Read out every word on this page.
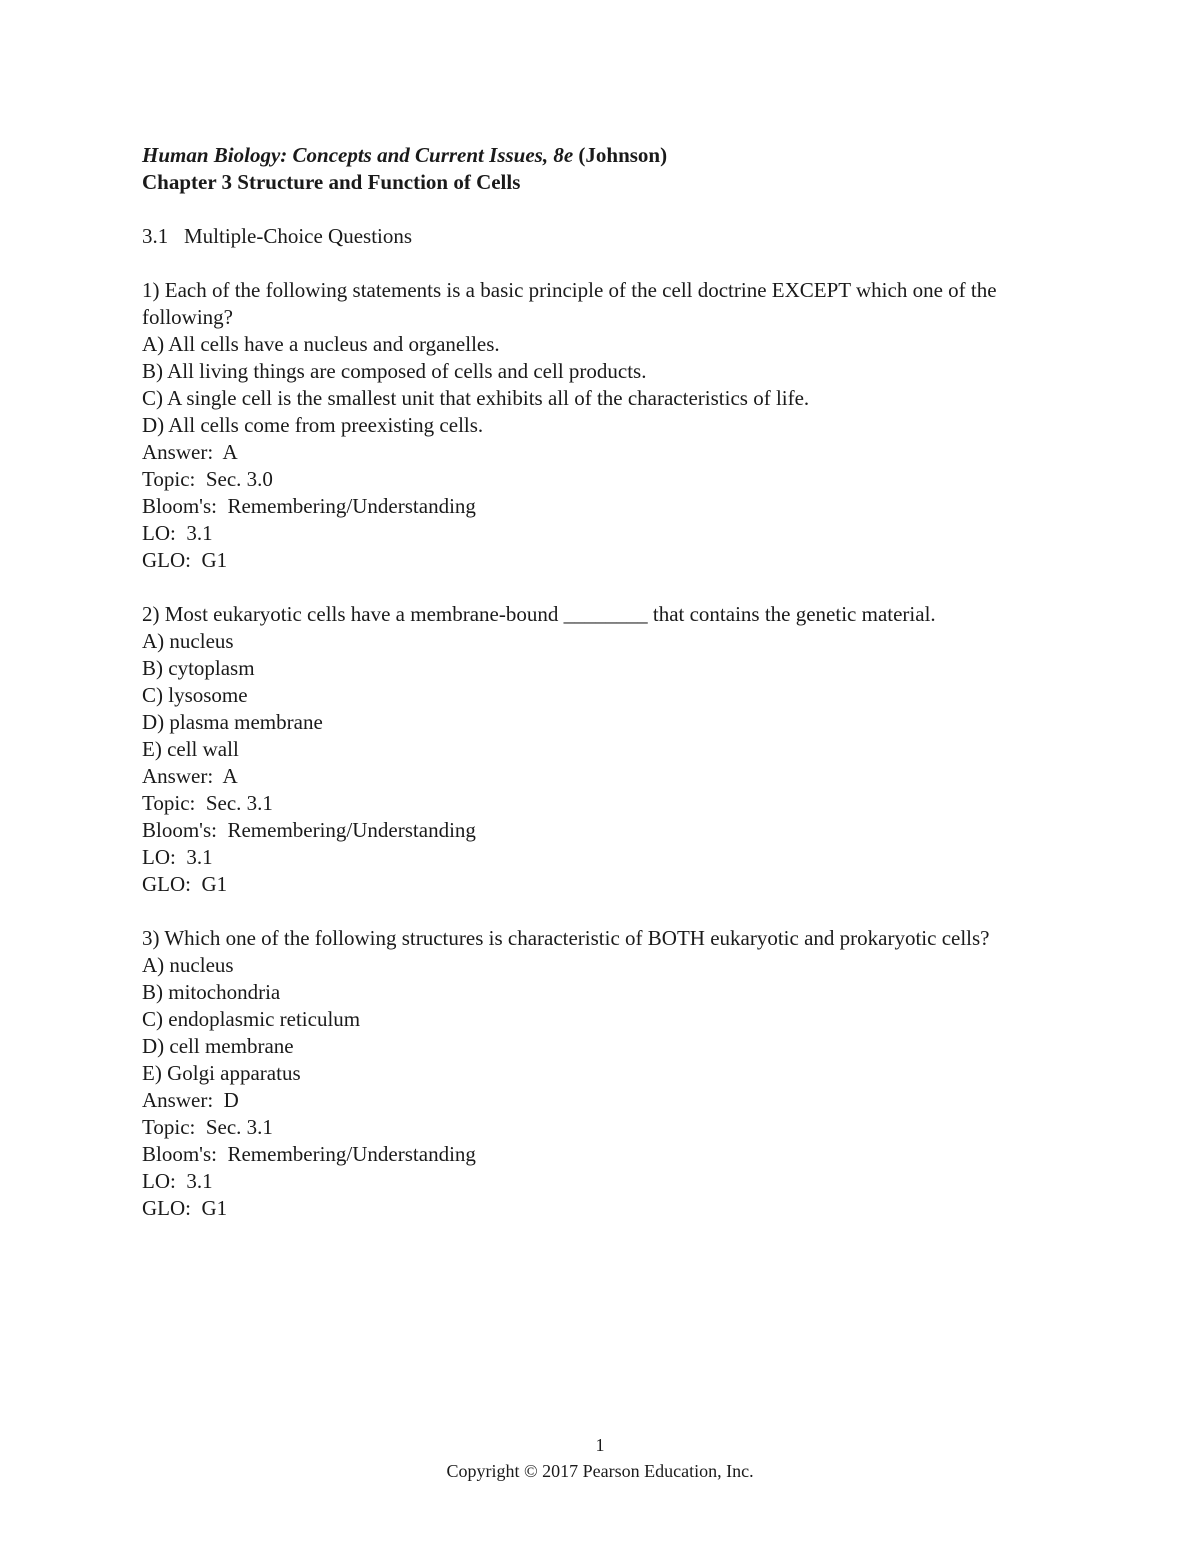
Human Biology: Concepts and Current Issues, 8e (Johnson)
Chapter 3 Structure and Function of Cells
3.1   Multiple-Choice Questions
1) Each of the following statements is a basic principle of the cell doctrine EXCEPT which one of the following?
A) All cells have a nucleus and organelles.
B) All living things are composed of cells and cell products.
C) A single cell is the smallest unit that exhibits all of the characteristics of life.
D) All cells come from preexisting cells.
Answer:  A
Topic:  Sec. 3.0
Bloom's:  Remembering/Understanding
LO:  3.1
GLO:  G1
2) Most eukaryotic cells have a membrane-bound ________ that contains the genetic material.
A) nucleus
B) cytoplasm
C) lysosome
D) plasma membrane
E) cell wall
Answer:  A
Topic:  Sec. 3.1
Bloom's:  Remembering/Understanding
LO:  3.1
GLO:  G1
3) Which one of the following structures is characteristic of BOTH eukaryotic and prokaryotic cells?
A) nucleus
B) mitochondria
C) endoplasmic reticulum
D) cell membrane
E) Golgi apparatus
Answer:  D
Topic:  Sec. 3.1
Bloom's:  Remembering/Understanding
LO:  3.1
GLO:  G1
1
Copyright © 2017 Pearson Education, Inc.
